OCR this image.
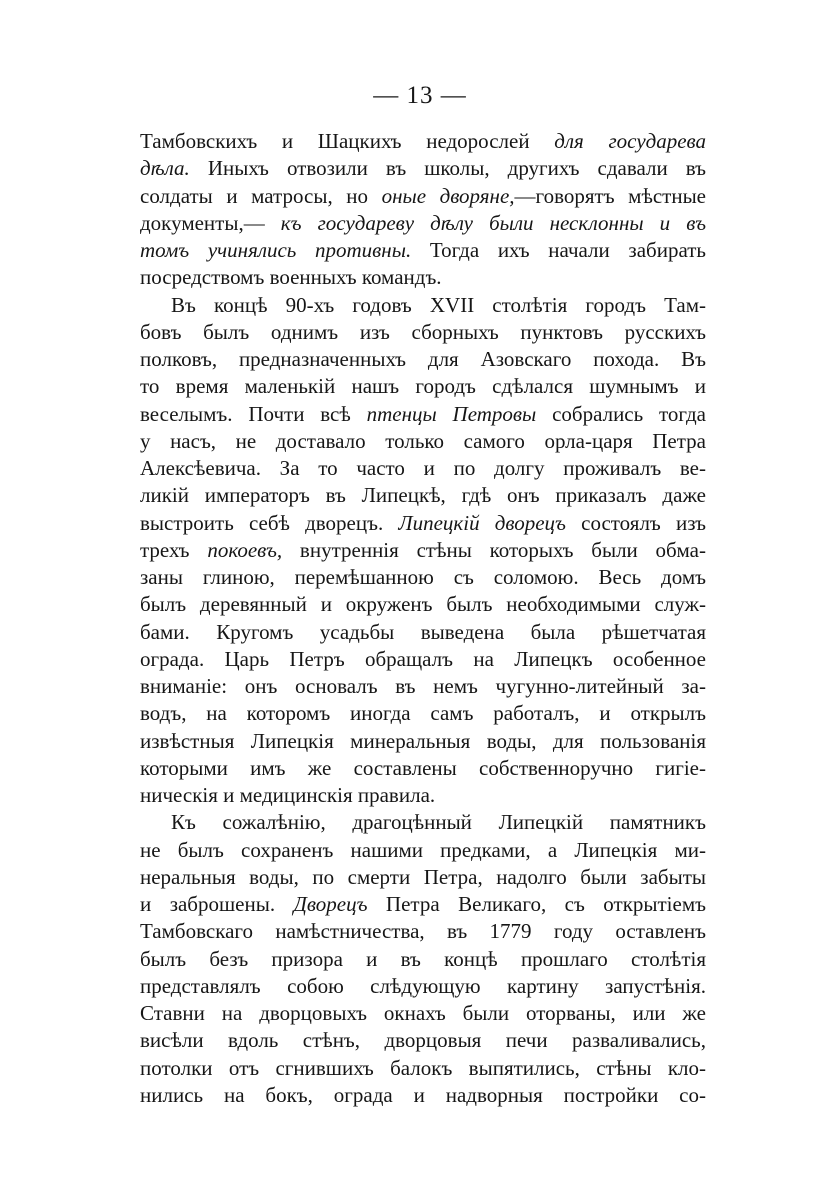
— 13 —
Тамбовскихъ и Шацкихъ недорослей для государева
дѣла. Иныхъ отвозили въ школы, другихъ сдавали въ
солдаты и матросы, но оные дворяне,—говорятъ мѣстные
документы,— къ государеву дѣлу были несклонны и въ
томъ учинялись противны. Тогда ихъ начали забирать
посредствомъ военныхъ командъ.
Въ концѣ 90-хъ годовъ XVII столѣтія городъ Там-
бовъ былъ однимъ изъ сборныхъ пунктовъ русскихъ
полковъ, предназначенныхъ для Азовскаго похода. Въ
то время маленькій нашъ городъ сдѣлался шумнымъ и
веселымъ. Почти всѣ птенцы Петровы собрались тогда
у насъ, не доставало только самого орла-царя Петра
Алексѣевича. За то часто и по долгу проживалъ ве-
ликій императоръ въ Липецкѣ, гдѣ онъ приказалъ даже
выстроить себѣ дворецъ. Липецкій дворецъ состоялъ изъ
трехъ покоевъ, внутреннія стѣны которыхъ были обма-
заны глиною, перемѣшанною съ соломою. Весь домъ
былъ деревянный и окруженъ былъ необходимыми служ-
бами. Кругомъ усадьбы выведена была рѣшетчатая
ограда. Царь Петръ обращалъ на Липецкъ особенное
вниманіе: онъ основалъ въ немъ чугунно-литейный за-
водъ, на которомъ иногда самъ работалъ, и открылъ
извѣстныя Липецкія минеральныя воды, для пользованія
которыми имъ же составлены собственноручно гигіе-
ническія и медицинскія правила.
Къ сожалѣнію, драгоцѣнный Липецкій памятникъ
не былъ сохраненъ нашими предками, а Липецкія ми-
неральныя воды, по смерти Петра, надолго были забыты
и заброшены. Дворецъ Петра Великаго, съ открытіемъ
Тамбовскаго намѣстничества, въ 1779 году оставленъ
былъ безъ призора и въ концѣ прошлаго столѣтія
представлялъ собою слѣдующую картину запустѣнія.
Ставни на дворцовыхъ окнахъ были оторваны, или же
висѣли вдоль стѣнъ, дворцовыя печи разваливались,
потолки отъ сгнившихъ балокъ выпятились, стѣны кло-
нились на бокъ, ограда и надворныя постройки со-
